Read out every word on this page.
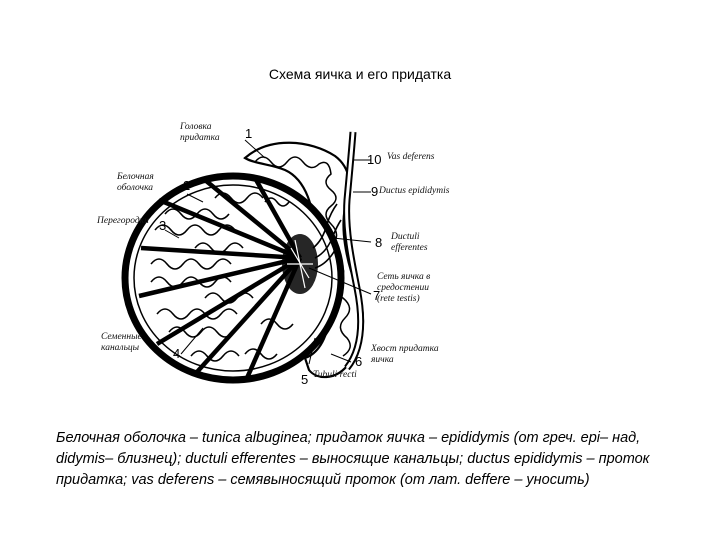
Схема яичка и его придатка
Головка
придатка
Белочная
оболочка
Перегородки
Семенные
канальцы
Tubuli recti
Хвост придатка
яичка
Сеть яичка в
средостении
(rete testis)
Ductuli
efferentes
Ductus epididymis
Vas deferens
1
2
3
4
5
6
7
8
9
10
Белочная оболочка – tunica albuginea; придаток яичка – epididymis (от греч. epi– над, didymis– близнец); ductuli efferentes – выносящие канальцы; ductus epididymis – проток придатка; vas deferens – семявыносящий проток (от лат. deffere – уносить)
